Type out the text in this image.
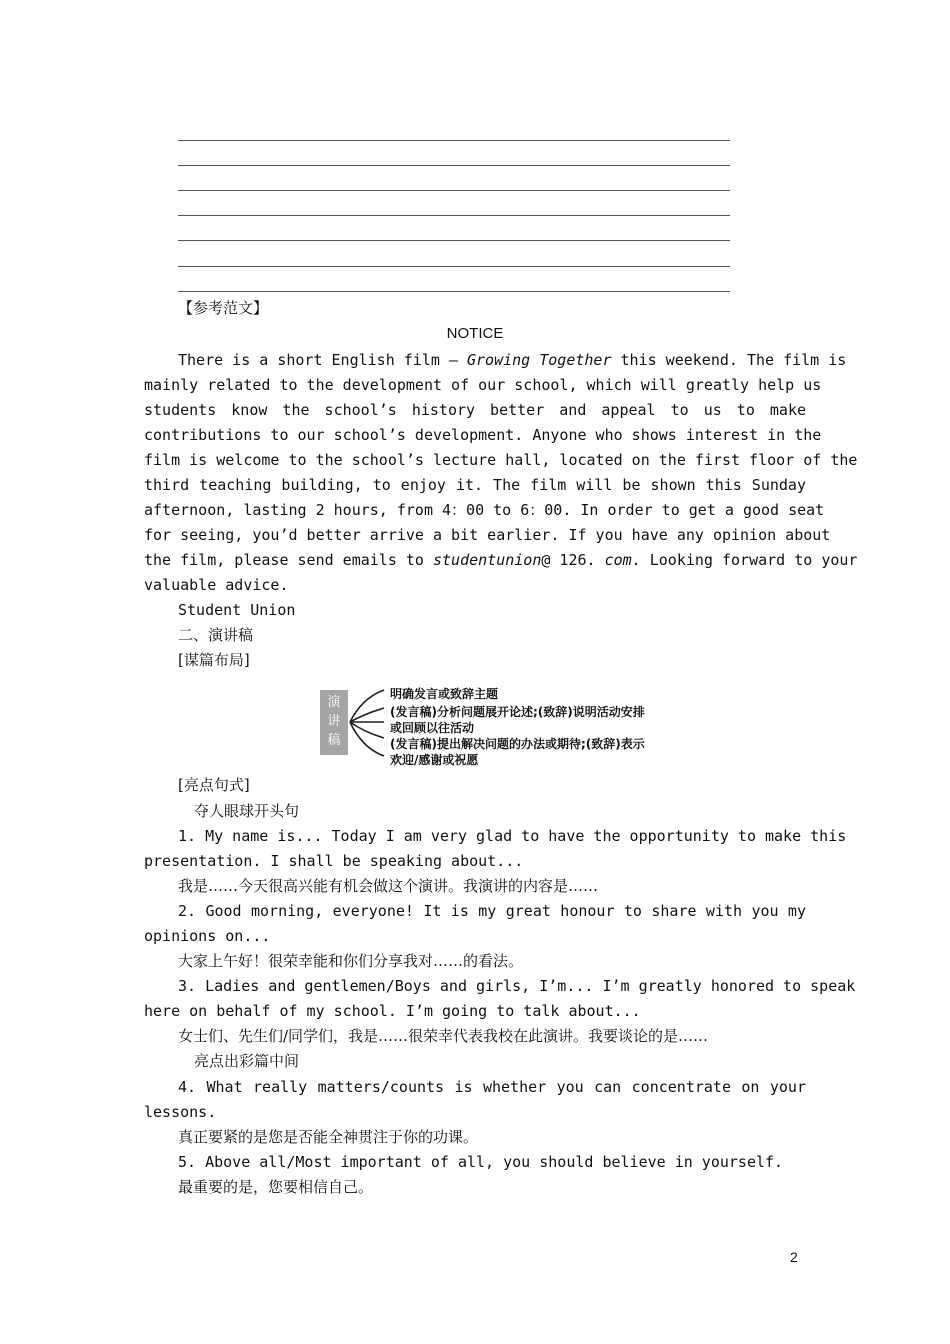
【参考范文】
NOTICE
There is a short English film — Growing Together this weekend. The film is
mainly related to the development of our school, which will greatly help us
students know the school’s history better and appeal to us to make
contributions to our school’s development. Anyone who shows interest in the
film is welcome to the school’s lecture hall, located on the first floor of the
third teaching building, to enjoy it. The film will be shown this Sunday
afternoon, lasting 2 hours, from 4：00 to 6：00. In order to get a good seat
for seeing, you’d better arrive a bit earlier. If you have any opinion about
the film, please send emails to studentunion@ 126. com. Looking forward to your
valuable advice.
Student Union
二、演讲稿
[谋篇布局]
演
讲
稿
明确发言或致辞主题
(发言稿)分析问题展开论述;(致辞)说明活动安排
或回顾以往活动
(发言稿)提出解决问题的办法或期待;(致辞)表示
欢迎/感谢或祝愿
[亮点句式]
夺人眼球开头句
1. My name is... Today I am very glad to have the opportunity to make this
presentation. I shall be speaking about...
我是……今天很高兴能有机会做这个演讲。我演讲的内容是……
2. Good morning, everyone! It is my great honour to share with you my
opinions on...
大家上午好！很荣幸能和你们分享我对……的看法。
3. Ladies and gentlemen/Boys and girls, I’m... I’m greatly honored to speak
here on behalf of my school. I’m going to talk about...
女士们、先生们/同学们，我是……很荣幸代表我校在此演讲。我要谈论的是……
亮点出彩篇中间
4. What really matters/counts is whether you can concentrate on your
lessons.
真正要紧的是您是否能全神贯注于你的功课。
5. Above all/Most important of all, you should believe in yourself.
最重要的是，您要相信自己。
2
